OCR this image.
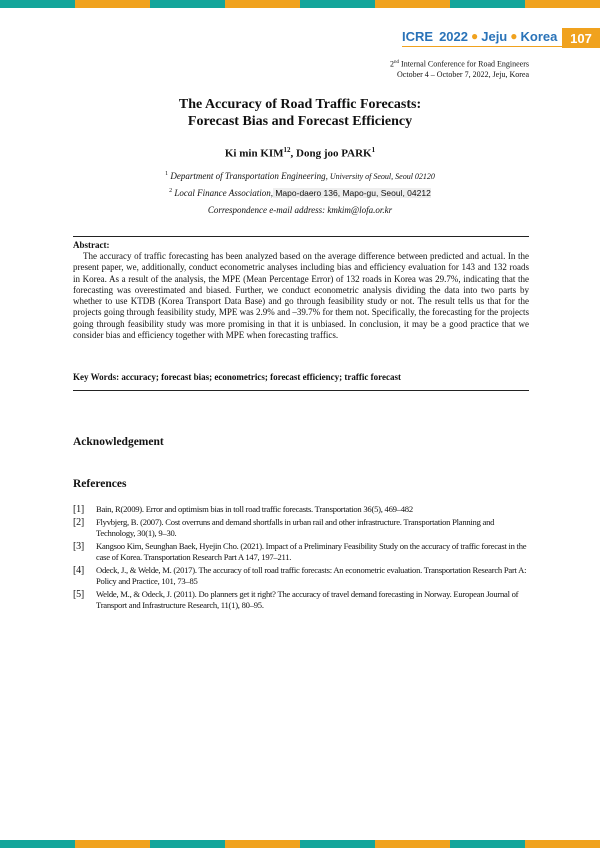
ICRE 2022 ● Jeju ● Korea 107
2nd Internal Conference for Road Engineers
October 4 – October 7, 2022, Jeju, Korea
The Accuracy of Road Traffic Forecasts:
Forecast Bias and Forecast Efficiency
Ki min KIM$^{12}$, Dong joo PARK$^1$
$^1$ Department of Transportation Engineering, University of Seoul, Seoul 02120
$^2$ Local Finance Association, Mapo-daero 136, Mapo-gu, Seoul, 04212
Correspondence e-mail address: kmkim@lofa.or.kr
Abstract:
The accuracy of traffic forecasting has been analyzed based on the average difference between predicted and actual. In the present paper, we, additionally, conduct econometric analyses including bias and efficiency evaluation for 143 and 132 roads in Korea. As a result of the analysis, the MPE (Mean Percentage Error) of 132 roads in Korea was 29.7%, indicating that the forecasting was overestimated and biased. Further, we conduct econometric analysis dividing the data into two parts by whether to use KTDB (Korea Transport Data Base) and go through feasibility study or not. The result tells us that for the projects going through feasibility study, MPE was 2.9% and –39.7% for them not. Specifically, the forecasting for the projects going through feasibility study was more promising in that it is unbiased. In conclusion, it may be a good practice that we consider bias and efficiency together with MPE when forecasting traffics.
Key Words: accuracy; forecast bias; econometrics; forecast efficiency; traffic forecast
Acknowledgement
References
[1]	Bain, R(2009). Error and optimism bias in toll road traffic forecasts. Transportation 36(5), 469–482
[2]	Flyvbjerg, B. (2007). Cost overruns and demand shortfalls in urban rail and other infrastructure. Transportation Planning and Technology, 30(1), 9–30.
[3]	Kangsoo Kim, Seunghan Baek, Hyejin Cho. (2021). Impact of a Preliminary Feasibility Study on the accuracy of traffic forecast in the case of Korea. Transportation Research Part A 147, 197–211.
[4]	Odeck, J., & Welde, M. (2017). The accuracy of toll road traffic forecasts: An econometric evaluation. Transportation Research Part A: Policy and Practice, 101, 73–85
[5]	Welde, M., & Odeck, J. (2011). Do planners get it right? The accuracy of travel demand forecasting in Norway. European Journal of Transport and Infrastructure Research, 11(1), 80–95.
